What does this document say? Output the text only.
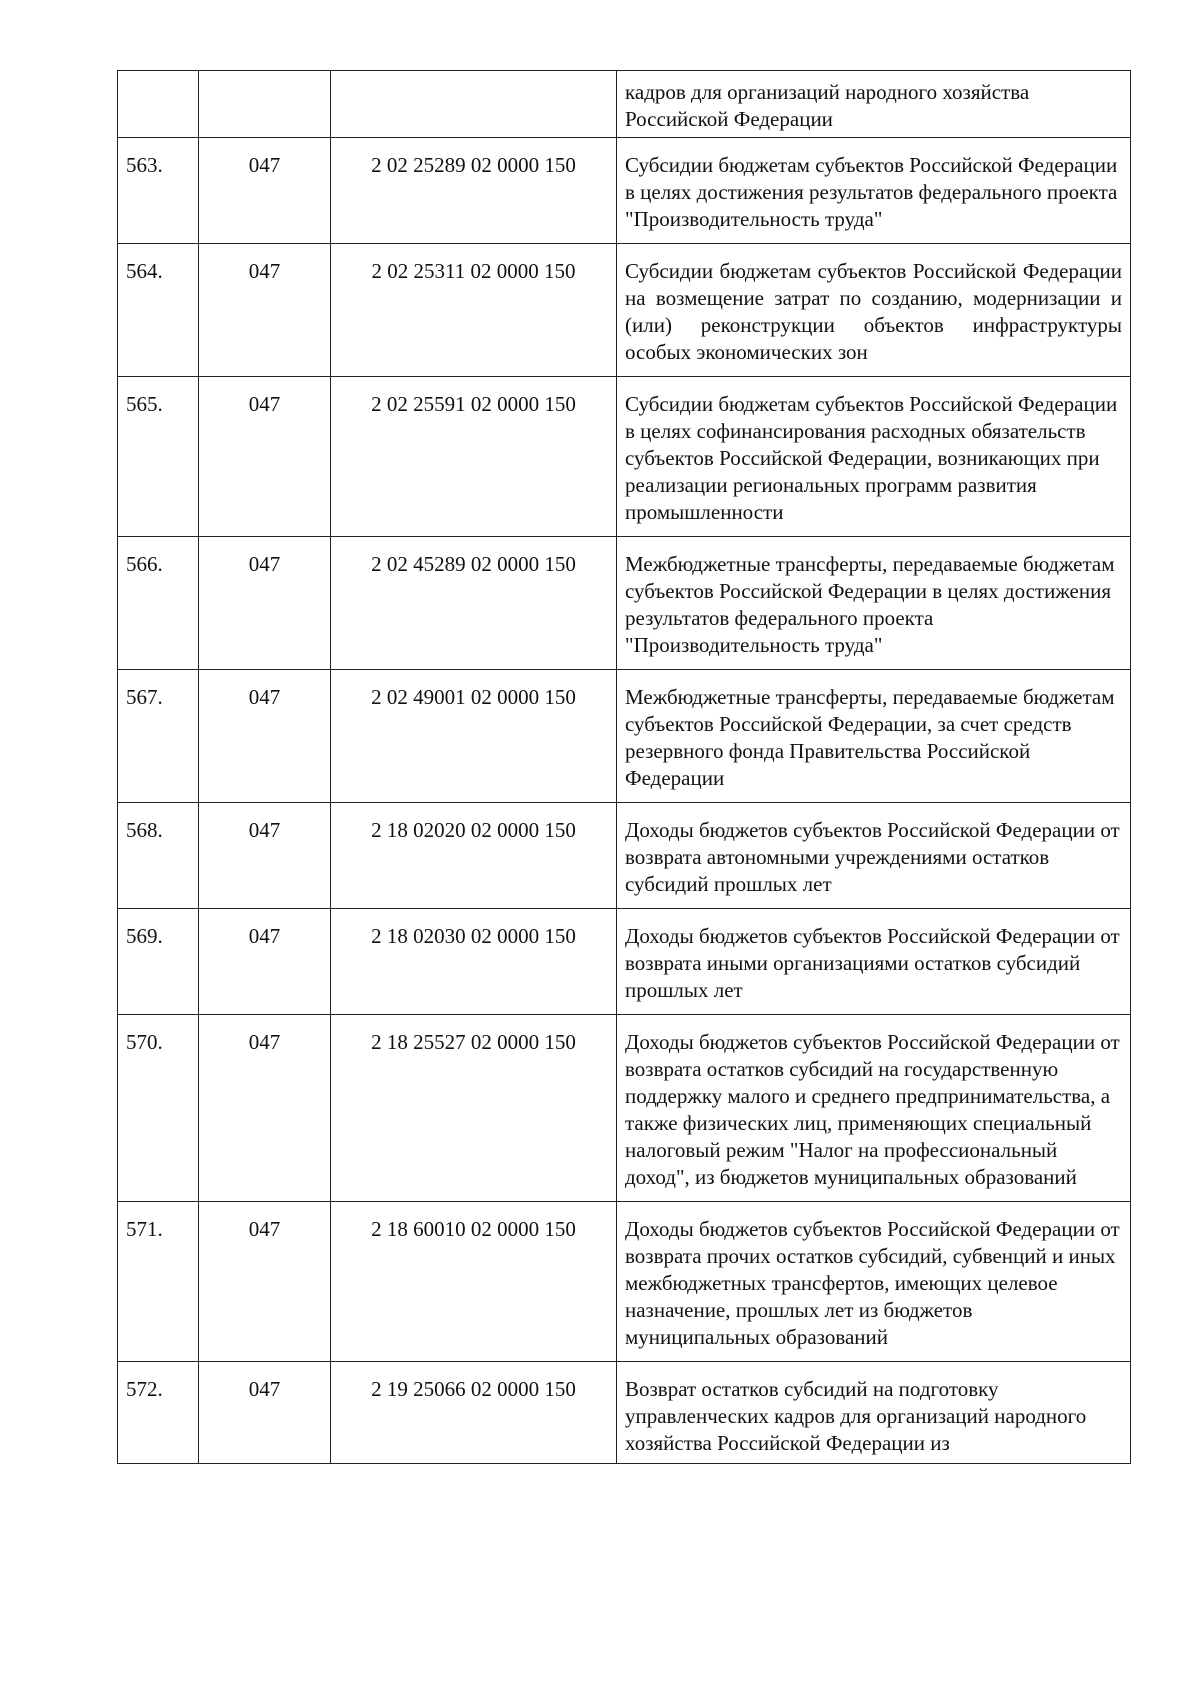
			кадров для организаций народного хозяйства Российской Федерации
563.	047	2 02 25289 02 0000 150	Субсидии бюджетам субъектов Российской Федерации в целях достижения результатов федерального проекта "Производительность труда"
564.	047	2 02 25311 02 0000 150	Субсидии бюджетам субъектов Российской Федерации на возмещение затрат по созданию, модернизации и (или) реконструкции объектов инфраструктуры особых экономических зон
565.	047	2 02 25591 02 0000 150	Субсидии бюджетам субъектов Российской Федерации в целях софинансирования расходных обязательств субъектов Российской Федерации, возникающих при реализации региональных программ развития промышленности
566.	047	2 02 45289 02 0000 150	Межбюджетные трансферты, передаваемые бюджетам субъектов Российской Федерации в целях достижения результатов федерального проекта "Производительность труда"
567.	047	2 02 49001 02 0000 150	Межбюджетные трансферты, передаваемые бюджетам субъектов Российской Федерации, за счет средств резервного фонда Правительства Российской Федерации
568.	047	2 18 02020 02 0000 150	Доходы бюджетов субъектов Российской Федерации от возврата автономными учреждениями остатков субсидий прошлых лет
569.	047	2 18 02030 02 0000 150	Доходы бюджетов субъектов Российской Федерации от возврата иными организациями остатков субсидий прошлых лет
570.	047	2 18 25527 02 0000 150	Доходы бюджетов субъектов Российской Федерации от возврата остатков субсидий на государственную поддержку малого и среднего предпринимательства, а также физических лиц, применяющих специальный налоговый режим "Налог на профессиональный доход", из бюджетов муниципальных образований
571.	047	2 18 60010 02 0000 150	Доходы бюджетов субъектов Российской Федерации от возврата прочих остатков субсидий, субвенций и иных межбюджетных трансфертов, имеющих целевое назначение, прошлых лет из бюджетов муниципальных образований
572.	047	2 19 25066 02 0000 150	Возврат остатков субсидий на подготовку управленческих кадров для организаций народного хозяйства Российской Федерации из
